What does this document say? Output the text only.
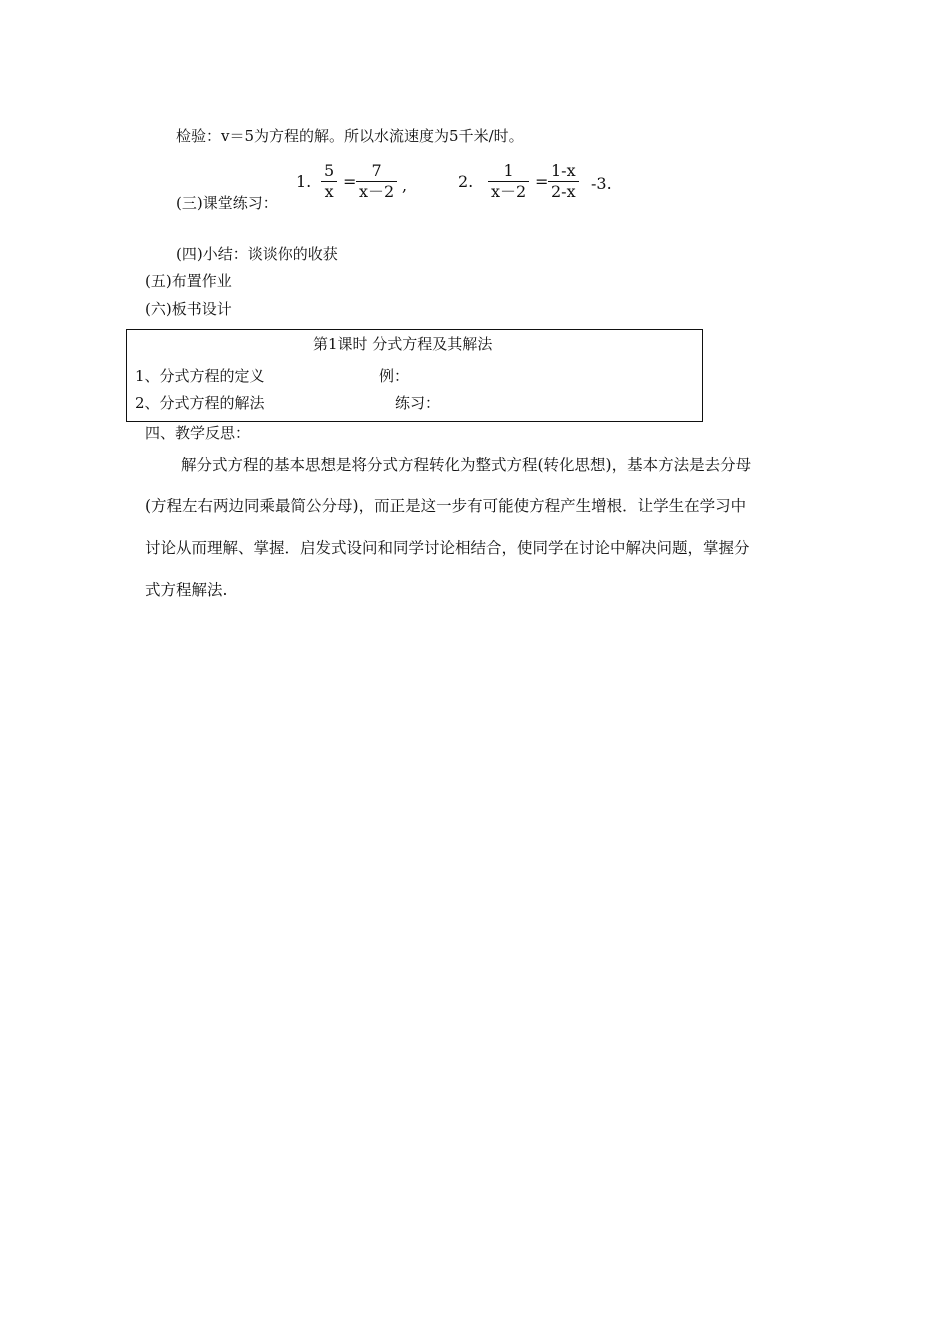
检验：v＝5为方程的解。所以水流速度为5千米/时。
(三)课堂练习：
1.
5
x
=
7
x－2 ,	2.
1
x－2
=
1-x
2-x -3.
(四)小结：谈谈你的收获
(五)布置作业
(六)板书设计
第1课时 分式方程及其解法
1、分式方程的定义	例：
2、分式方程的解法	练习：
四、教学反思：
解分式方程的基本思想是将分式方程转化为整式方程(转化思想)，基本方法是去分母
(方程左右两边同乘最简公分母)，而正是这一步有可能使方程产生增根．让学生在学习中
讨论从而理解、掌握．启发式设问和同学讨论相结合，使同学在讨论中解决问题，掌握分
式方程解法.
